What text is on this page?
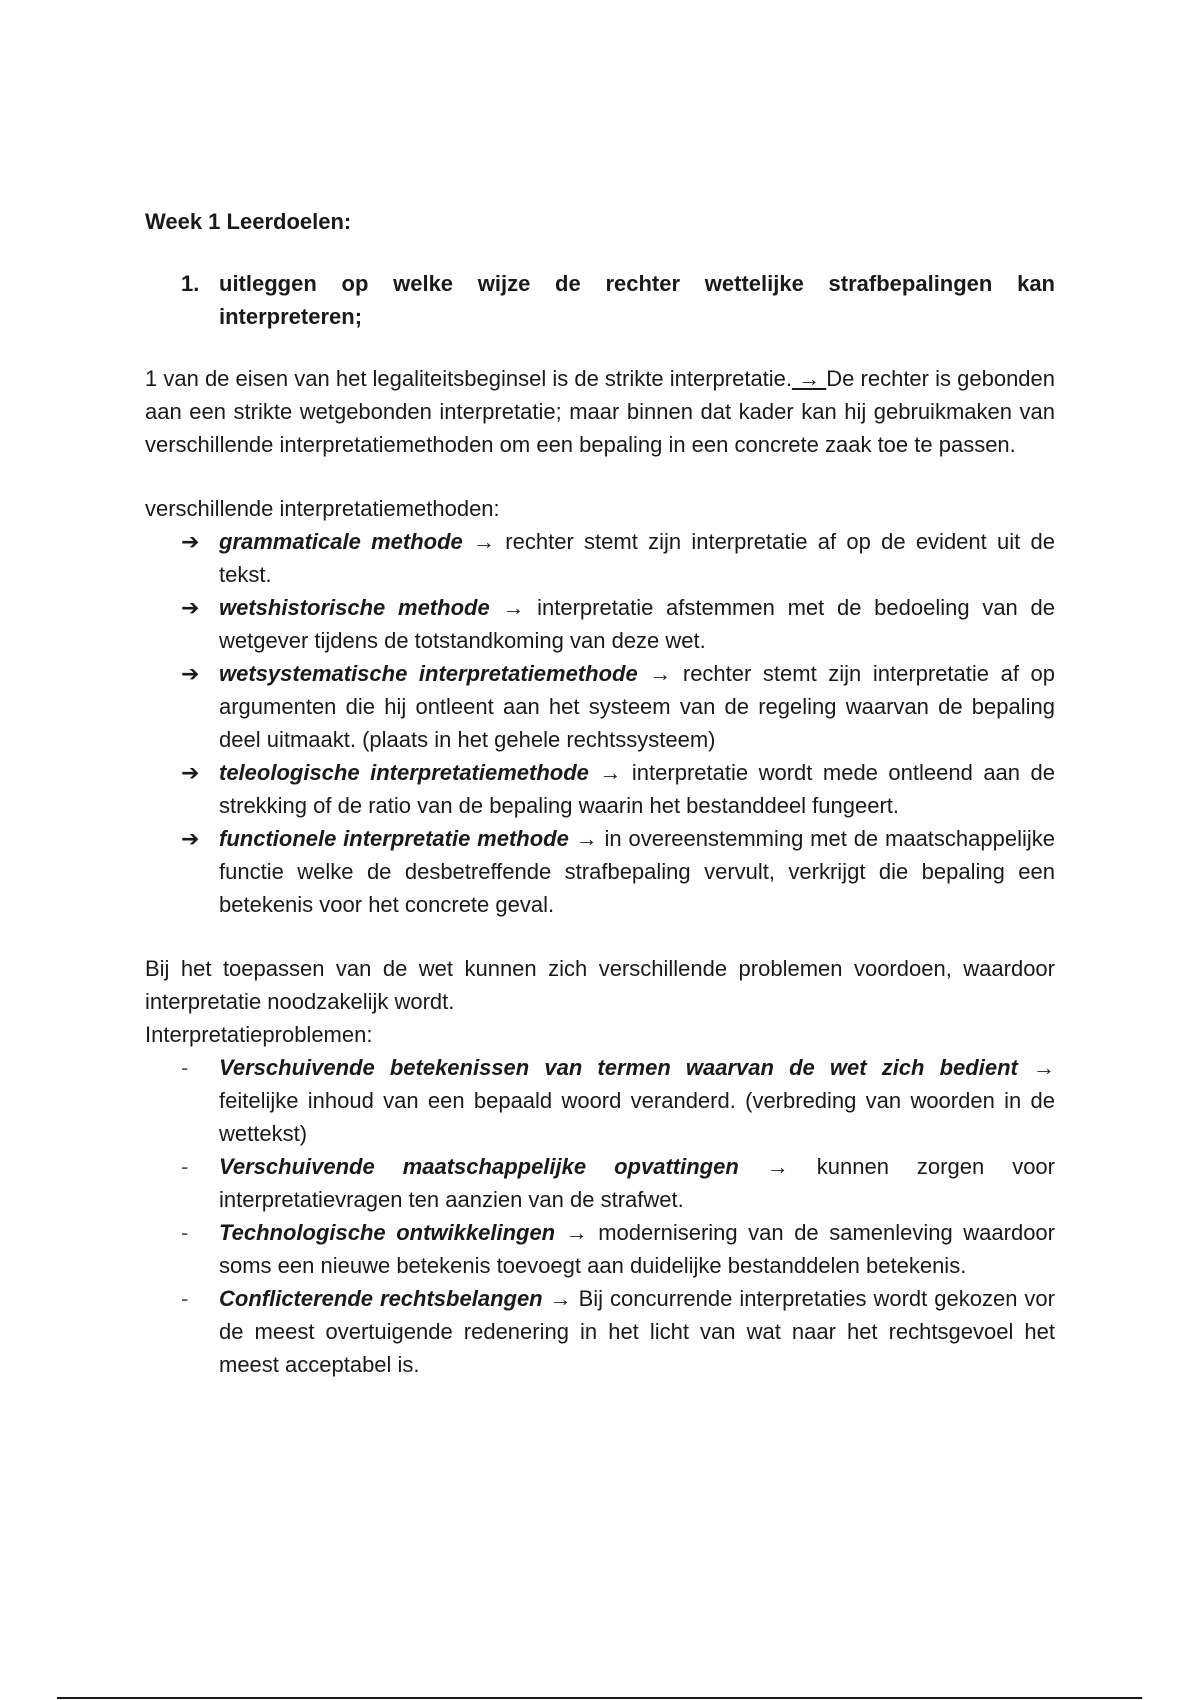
Week 1 Leerdoelen:

1. uitleggen op welke wijze de rechter wettelijke strafbepalingen kan interpreteren;

1 van de eisen van het legaliteitsbeginsel is de strikte interpretatie. → De rechter is gebonden aan een strikte wetgebonden interpretatie; maar binnen dat kader kan hij gebruikmaken van verschillende interpretatiemethoden om een bepaling in een concrete zaak toe te passen.

verschillende interpretatiemethoden:

➔ grammaticale methode → rechter stemt zijn interpretatie af op de evident uit de tekst.
➔ wetshistorische methode → interpretatie afstemmen met de bedoeling van de wetgever tijdens de totstandkoming van deze wet.
➔ wetsystematische interpretatiemethode → rechter stemt zijn interpretatie af op argumenten die hij ontleent aan het systeem van de regeling waarvan de bepaling deel uitmaakt. (plaats in het gehele rechtssysteem)
➔ teleologische interpretatiemethode → interpretatie wordt mede ontleend aan de strekking of de ratio van de bepaling waarin het bestanddeel fungeert.
➔ functionele interpretatie methode → in overeenstemming met de maatschappelijke functie welke de desbetreffende strafbepaling vervult, verkrijgt die bepaling een betekenis voor het concrete geval.

Bij het toepassen van de wet kunnen zich verschillende problemen voordoen, waardoor interpretatie noodzakelijk wordt.

Interpretatieproblemen:

-	Verschuivende betekenissen van termen waarvan de wet zich bedient → feitelijke inhoud van een bepaald woord veranderd. (verbreding van woorden in de wettekst)
-	Verschuivende maatschappelijke opvattingen → kunnen zorgen voor interpretatievragen ten aanzien van de strafwet.
-	Technologische ontwikkelingen → modernisering van de samenleving waardoor soms een nieuwe betekenis toevoegt aan duidelijke bestanddelen betekenis.
-	Conflicterende rechtsbelangen → Bij concurrende interpretaties wordt gekozen vor de meest overtuigende redenering in het licht van wat naar het rechtsgevoel het meest acceptabel is.
